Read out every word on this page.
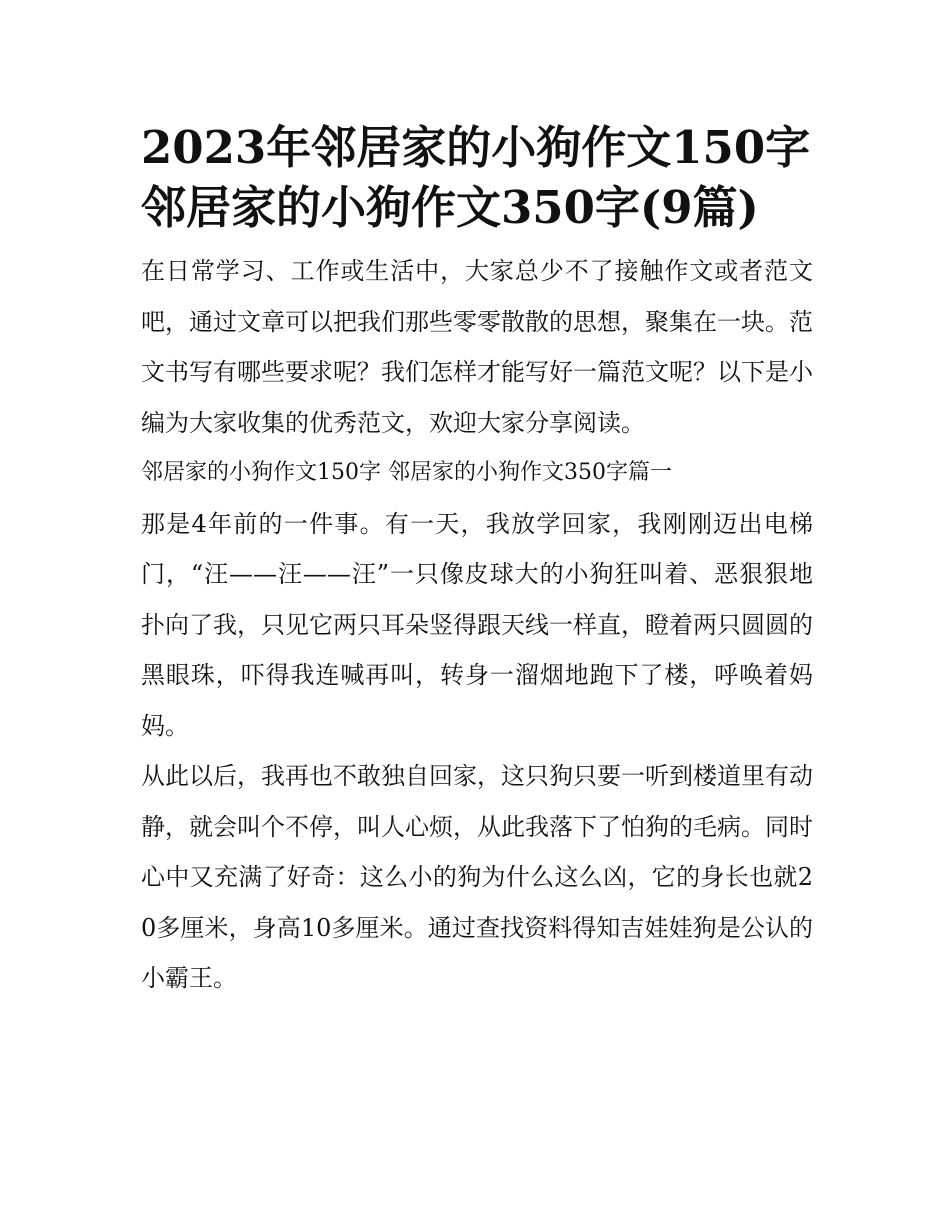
2023年邻居家的小狗作文150字 邻居家的小狗作文350字(9篇)

在日常学习、工作或生活中，大家总少不了接触作文或者范文吧，通过文章可以把我们那些零零散散的思想，聚集在一块。范文书写有哪些要求呢？我们怎样才能写好一篇范文呢？以下是小编为大家收集的优秀范文，欢迎大家分享阅读。

邻居家的小狗作文150字 邻居家的小狗作文350字篇一

那是4年前的一件事。有一天，我放学回家，我刚刚迈出电梯门，“汪——汪——汪”一只像皮球大的小狗狂叫着、恶狠狠地扑向了我，只见它两只耳朵竖得跟天线一样直，瞪着两只圆圆的黑眼珠，吓得我连喊再叫，转身一溜烟地跑下了楼，呼唤着妈妈。

从此以后，我再也不敢独自回家，这只狗只要一听到楼道里有动静，就会叫个不停，叫人心烦，从此我落下了怕狗的毛病。同时心中又充满了好奇：这么小的狗为什么这么凶，它的身长也就20多厘米，身高10多厘米。通过查找资料得知吉娃娃狗是公认的小霸王。
